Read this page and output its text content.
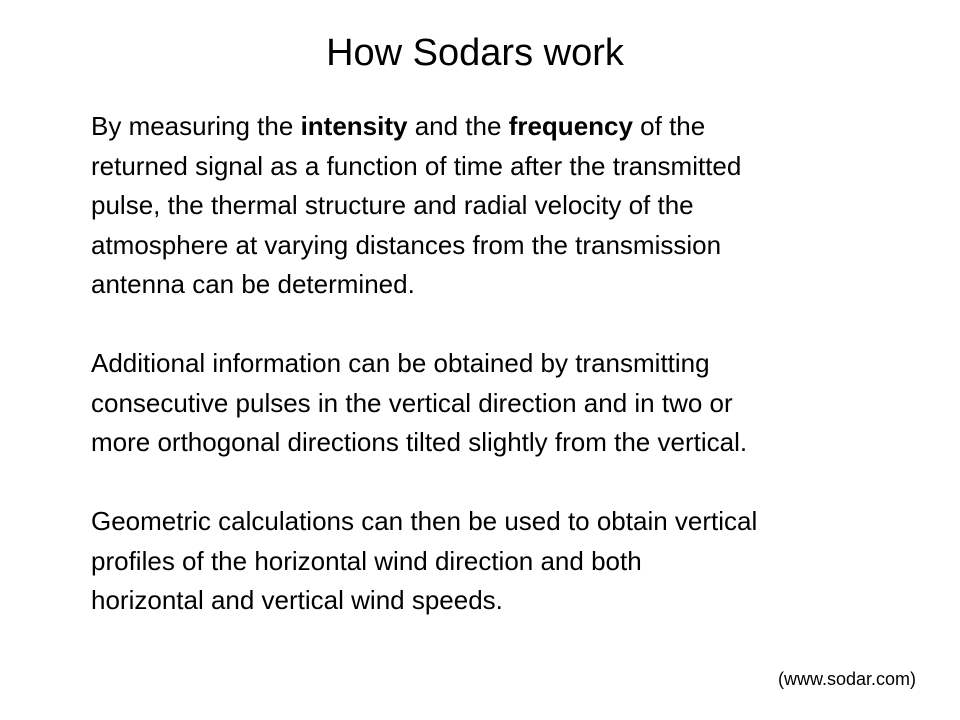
How Sodars work

By measuring the intensity and the frequency of the
returned signal as a function of time after the transmitted
pulse, the thermal structure and radial velocity of the
atmosphere at varying distances from the transmission
antenna can be determined.

Additional information can be obtained by transmitting
consecutive pulses in the vertical direction and in two or
more orthogonal directions tilted slightly from the vertical.

Geometric calculations can then be used to obtain vertical
profiles of the horizontal wind direction and both
horizontal and vertical wind speeds.

(www.sodar.com)
